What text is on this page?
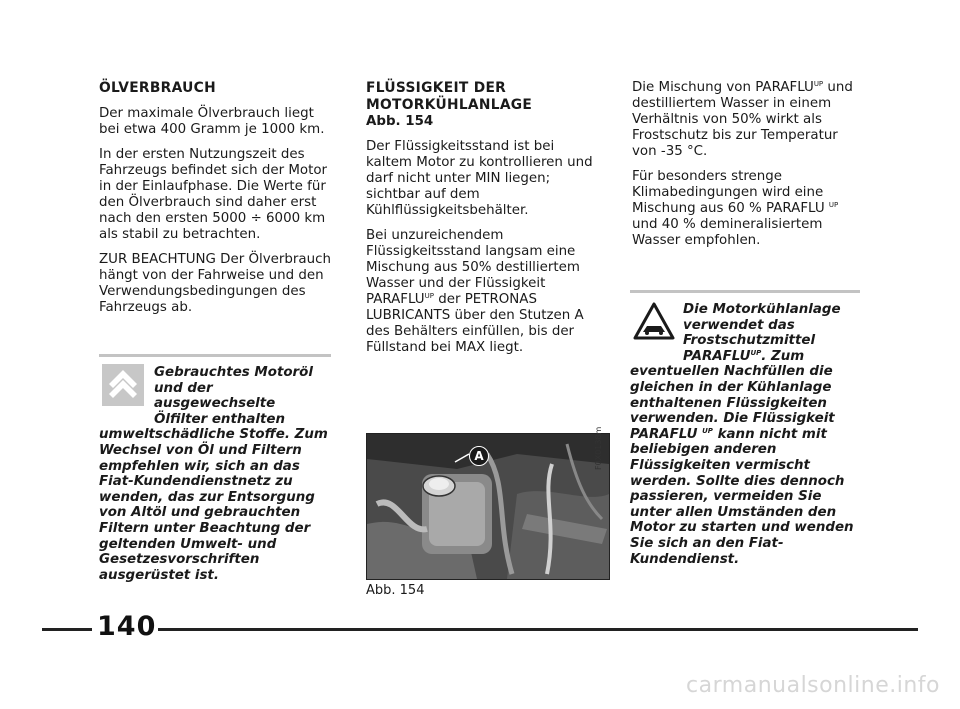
ÖLVERBRAUCH

Der maximale Ölverbrauch liegt bei etwa 400 Gramm je 1000 km.

In der ersten Nutzungszeit des Fahrzeugs befindet sich der Motor in der Einlaufphase. Die Werte für den Ölverbrauch sind daher erst nach den ersten 5000 ÷ 6000 km als stabil zu betrachten.

ZUR BEACHTUNG Der Ölverbrauch hängt von der Fahrweise und den Verwendungsbedingungen des Fahrzeugs ab.

Gebrauchtes Motoröl und der ausgewechselte Ölfilter enthalten umweltschädliche Stoffe. Zum Wechsel von Öl und Filtern empfehlen wir, sich an das Fiat-Kundendienstnetz zu wenden, das zur Entsorgung von Altöl und gebrauchten Filtern unter Beachtung der geltenden Umwelt- und Gesetzesvorschriften ausgerüstet ist.

FLÜSSIGKEIT DER MOTORKÜHLANLAGE

Abb. 154

Der Flüssigkeitsstand ist bei kaltem Motor zu kontrollieren und darf nicht unter MIN liegen; sichtbar auf dem Kühlflüssigkeitsbehälter.

Bei unzureichendem Flüssigkeitsstand langsam eine Mischung aus 50% destilliertem Wasser und der Flüssigkeit $PARAFLU^{UP}$ der PETRONAS LUBRICANTS über den Stutzen A des Behälters einfüllen, bis der Füllstand bei MAX liegt.

A	F0X0138m
Abb. 154

Die Mischung von $PARAFLU^{UP}$ und destilliertem Wasser in einem Verhältnis von 50% wirkt als Frostschutz bis zur Temperatur von -35 °C.

Für besonders strenge Klimabedingungen wird eine Mischung aus 60 % PARAFLU $^{UP}$ und 40 % demineralisiertem Wasser empfohlen.

Die Motorkühlanlage verwendet das Frostschutzmittel $PARAFLU^{UP}$. Zum eventuellen Nachfüllen die gleichen in der Kühlanlage enthaltenen Flüssigkeiten verwenden. Die Flüssigkeit PARAFLU $^{UP}$ kann nicht mit beliebigen anderen Flüssigkeiten vermischt werden. Sollte dies dennoch passieren, vermeiden Sie unter allen Umständen den Motor zu starten und wenden Sie sich an den Fiat-Kundendienst.
140
carmanualsonline.info
